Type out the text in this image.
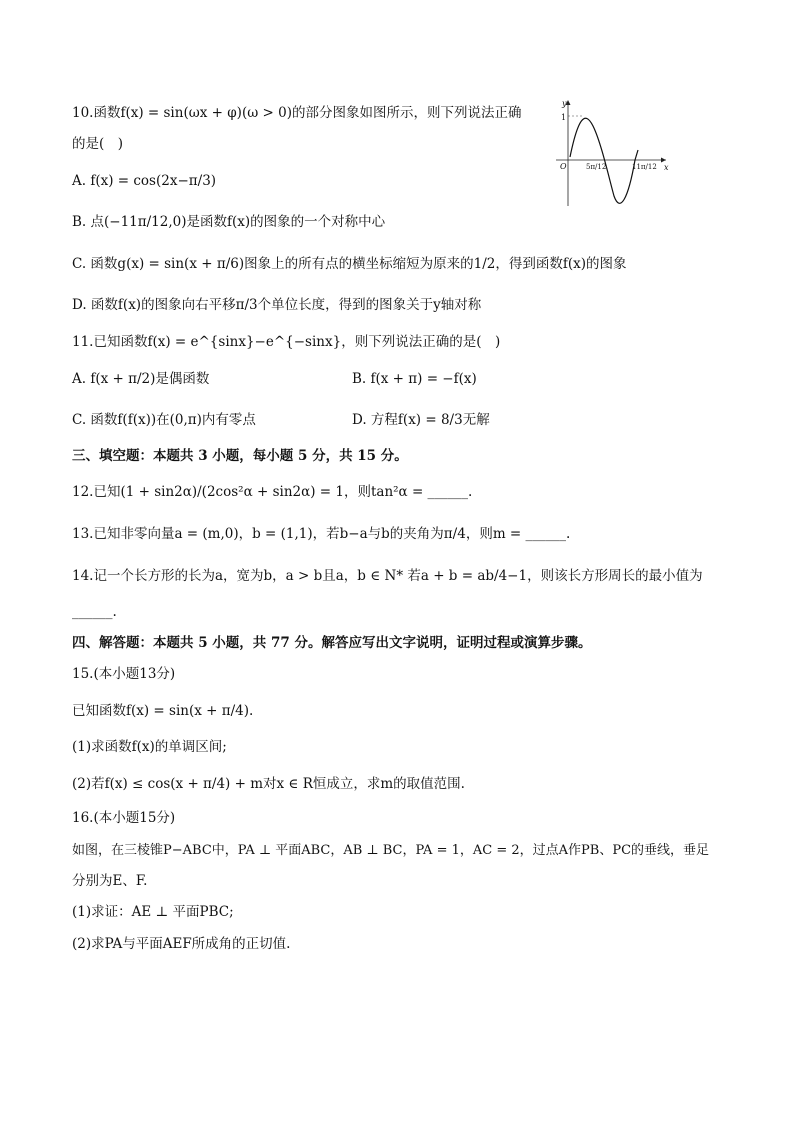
10.函数f(x) = sin(ωx + φ)(ω > 0)的部分图象如图所示，则下列说法正确
的是(　)
A. f(x) = cos(2x−π/3)
B. 点(−11π/12,0)是函数f(x)的图象的一个对称中心
C. 函数g(x) = sin(x + π/6)图象上的所有点的横坐标缩短为原来的1/2，得到函数f(x)的图象
D. 函数f(x)的图象向右平移π/3个单位长度，得到的图象关于y轴对称
y
x
O
1
5π/12	11π/12
11.已知函数f(x) = e^{sinx}−e^{−sinx}，则下列说法正确的是(　)
A. f(x + π/2)是偶函数	B. f(x + π) = −f(x)
C. 函数f(f(x))在(0,π)内有零点	D. 方程f(x) = 8/3无解
三、填空题：本题共 3 小题，每小题 5 分，共 15 分。
12.已知(1 + sin2α)/(2cos²α + sin2α) = 1，则tan²α = ______.
13.已知非零向量a = (m,0)，b = (1,1)，若b−a与b的夹角为π/4，则m = ______.
14.记一个长方形的长为a，宽为b，a > b且a，b ∈ N* 若a + b = ab/4−1，则该长方形周长的最小值为
______.
四、解答题：本题共 5 小题，共 77 分。解答应写出文字说明，证明过程或演算步骤。
15.(本小题13分)
已知函数f(x) = sin(x + π/4).
(1)求函数f(x)的单调区间;
(2)若f(x) ≤ cos(x + π/4) + m对x ∈ R恒成立，求m的取值范围.
16.(本小题15分)
如图，在三棱锥P−ABC中，PA ⊥ 平面ABC，AB ⊥ BC，PA = 1，AC = 2，过点A作PB、PC的垂线，垂足
分别为E、F.
(1)求证：AE ⊥ 平面PBC;
(2)求PA与平面AEF所成角的正切值.
